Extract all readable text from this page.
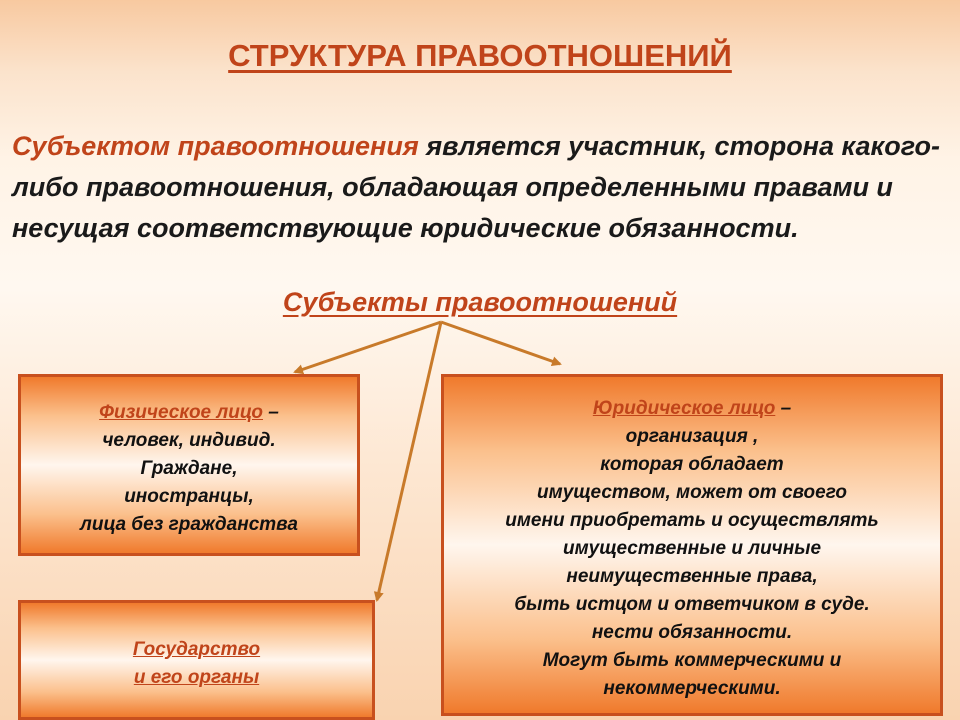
СТРУКТУРА ПРАВООТНОШЕНИЙ
Субъектом правоотношения является участник, сторона какого-либо правоотношения, обладающая определенными правами и несущая соответствующие юридические обязанности.
Субъекты правоотношений
Физическое лицо –
человек, индивид.
Граждане,
иностранцы,
лица без гражданства
Юридическое лицо –
организация ,
которая обладает
имуществом, может от своего
имени приобретать и осуществлять
имущественные и личные
неимущественные права,
быть истцом и ответчиком в суде.
нести обязанности.
Могут быть коммерческими и
некоммерческими.
Государство
и его органы
